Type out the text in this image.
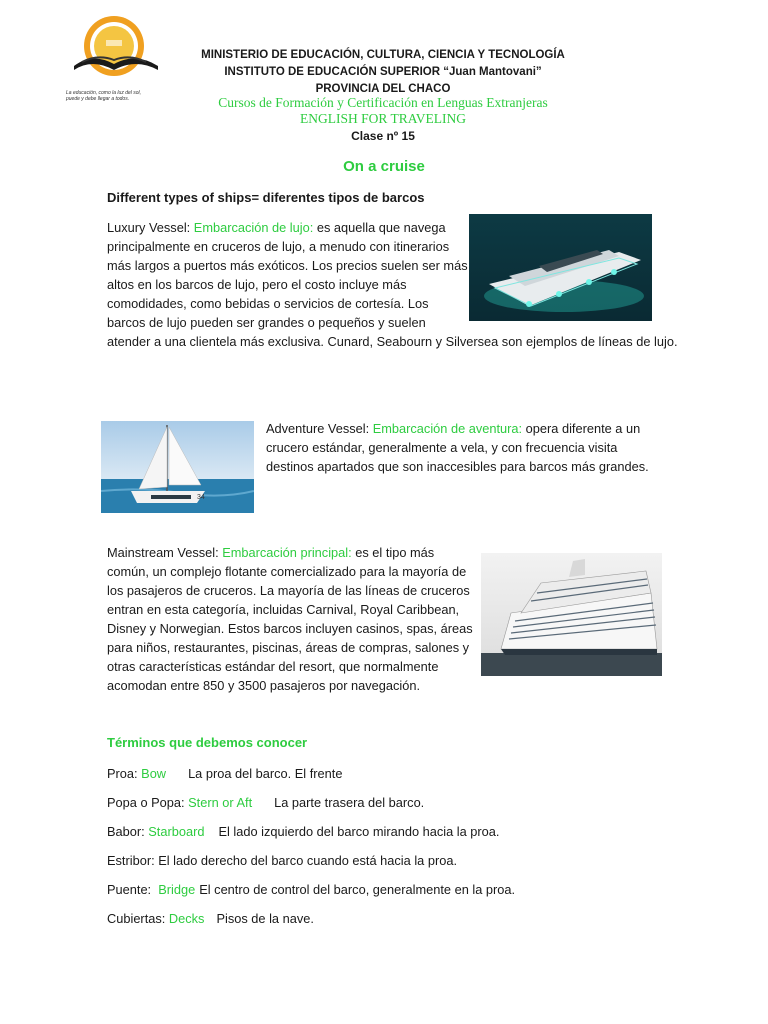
La educación, como la luz del sol,
puede y debe llegar a todos.
MINISTERIO DE EDUCACIÓN, CULTURA, CIENCIA Y TECNOLOGÍA
INSTITUTO DE EDUCACIÓN SUPERIOR “Juan Mantovani”
PROVINCIA DEL CHACO
Cursos de Formación y Certificación en Lenguas Extranjeras
ENGLISH FOR TRAVELING
Clase nº 15
On a cruise
Different types of ships= diferentes tipos de barcos
Luxury Vessel: Embarcación de lujo: es aquella que navega
principalmente en cruceros de lujo, a menudo con itinerarios
más largos a puertos más exóticos. Los precios suelen ser más
altos en los barcos de lujo, pero el costo incluye más
comodidades, como bebidas o servicios de cortesía. Los
barcos de lujo pueden ser grandes o pequeños y suelen
atender a una clientela más exclusiva. Cunard, Seabourn y Silversea son ejemplos de líneas de lujo.
34
Adventure Vessel: Embarcación de aventura: opera diferente a un
crucero estándar, generalmente a vela, y con frecuencia visita
destinos apartados que son inaccesibles para barcos más grandes.
Mainstream Vessel: Embarcación principal: es el tipo más
común, un complejo flotante comercializado para la mayoría de
los pasajeros de cruceros. La mayoría de las líneas de cruceros
entran en esta categoría, incluidas Carnival, Royal Caribbean,
Disney y Norwegian. Estos barcos incluyen casinos, spas, áreas
para niños, restaurantes, piscinas, áreas de compras, salones y
otras características estándar del resort, que normalmente
acomodan entre 850 y 3500 pasajeros por navegación.
Términos que debemos conocer
Proa: Bow La proa del barco. El frente
Popa o Popa: Stern or Aft La parte trasera del barco.
Babor: Starboard El lado izquierdo del barco mirando hacia la proa.
Estribor: El lado derecho del barco cuando está hacia la proa.
Puente:  Bridge El centro de control del barco, generalmente en la proa.
Cubiertas: Decks Pisos de la nave.
